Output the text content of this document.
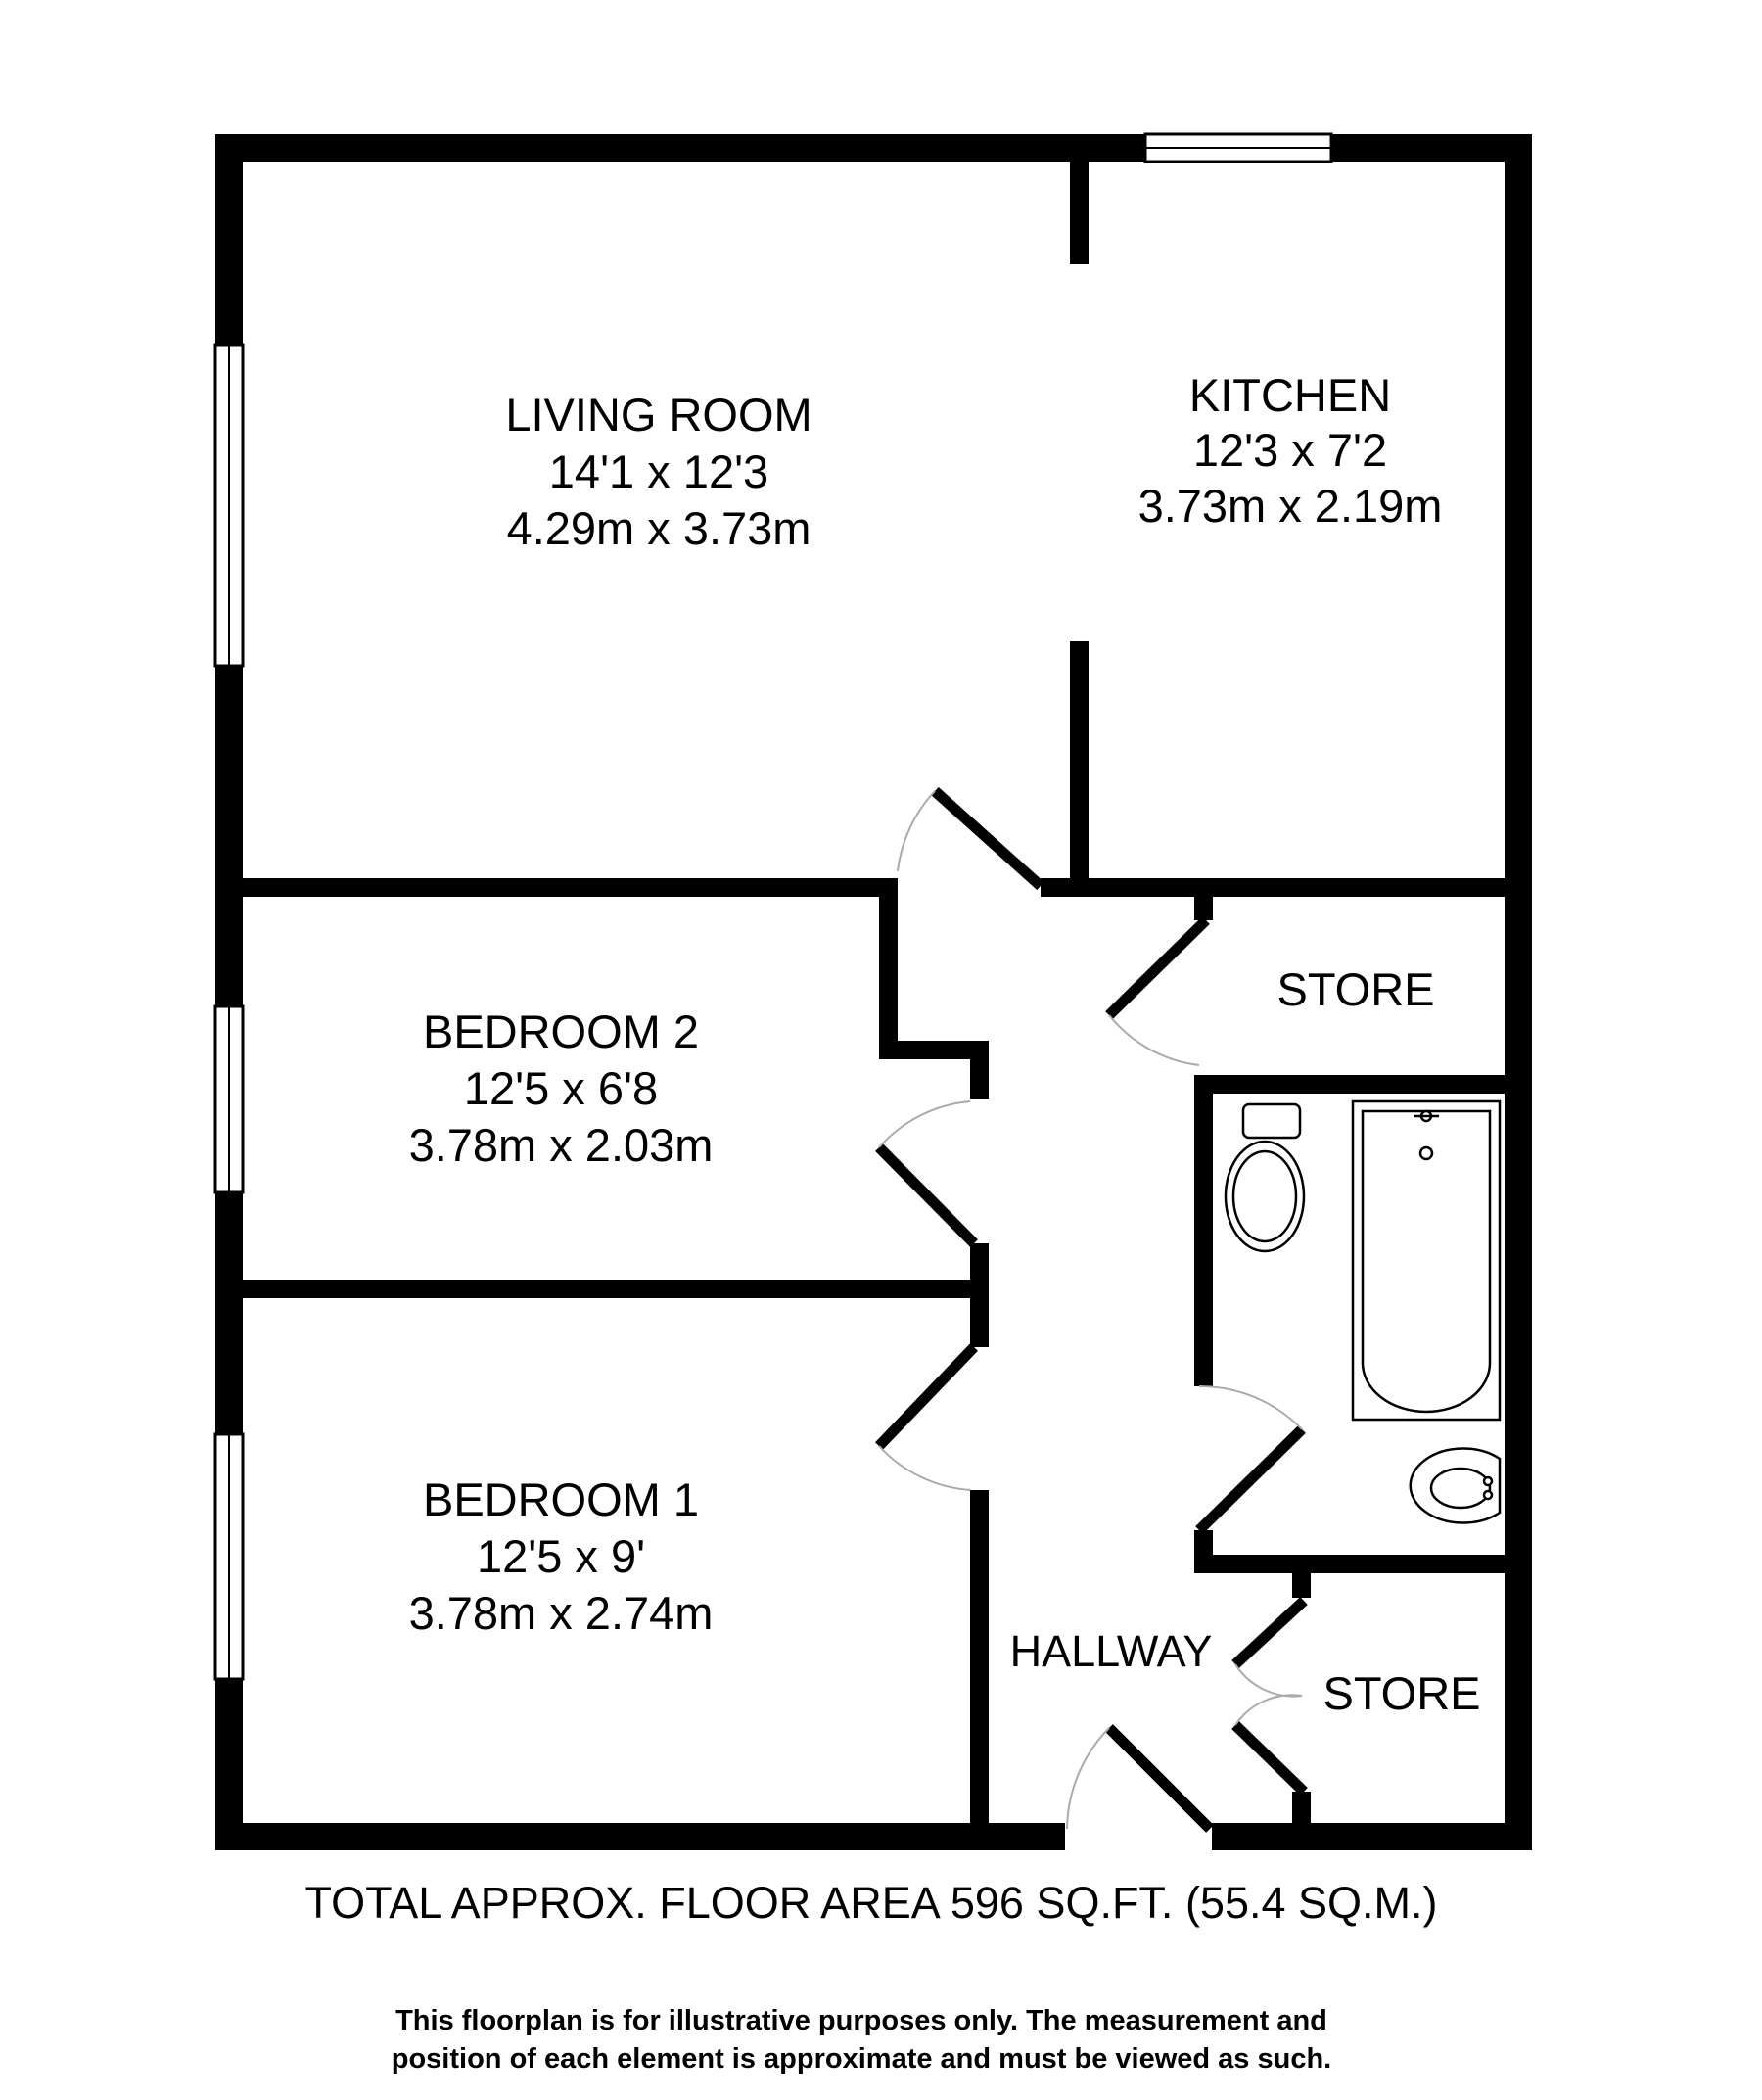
LIVING ROOM
14'1 x 12'3
4.29m x 3.73m
KITCHEN
12'3 x 7'2
3.73m x 2.19m
BEDROOM 2
12'5 x 6'8
3.78m x 2.03m
BEDROOM 1
12'5 x 9'
3.78m x 2.74m
STORE
STORE
HALLWAY
TOTAL APPROX. FLOOR AREA 596 SQ.FT. (55.4 SQ.M.)
This floorplan is for illustrative purposes only. The measurement and
position of each element is approximate and must be viewed as such.
